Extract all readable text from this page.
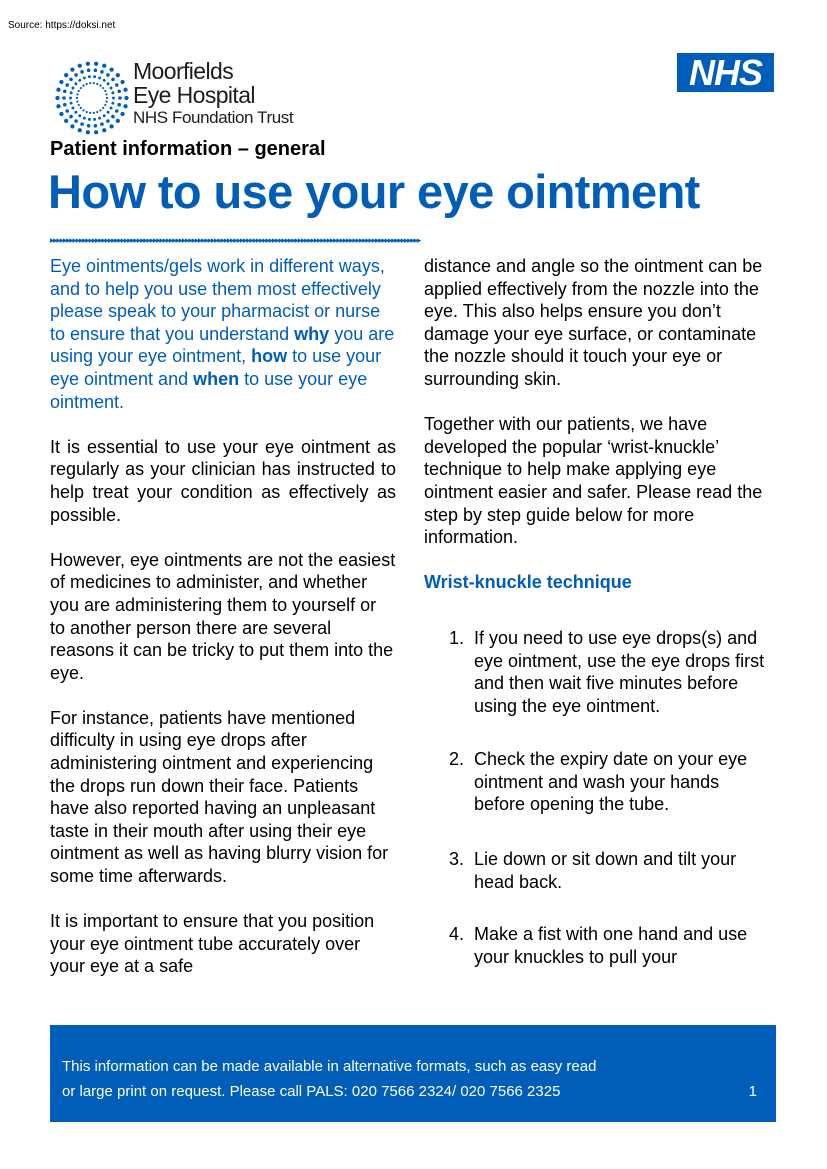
Source: https://doksi.net
Moorfields
Eye Hospital
NHS Foundation Trust
NHS
Patient information – general
How to use your eye ointment
▸▸▸▸▸▸▸▸▸▸▸▸▸▸▸▸▸▸▸▸▸▸▸▸▸▸▸▸▸▸▸▸▸▸▸▸▸▸▸▸▸▸▸▸▸▸▸▸▸▸▸▸▸▸▸▸▸▸▸▸▸▸▸▸▸▸▸▸▸▸▸▸▸▸▸▸▸▸▸▸▸▸▸▸▸▸▸▸▸▸▸▸▸▸▸▸▸▸▸▸▸▸▸▸▸▸▸▸▸▸▸▸▸▸▸

Eye ointments/gels work in different ways, and to help you use them most effectively please speak to your pharmacist or nurse to ensure that you understand why you are using your eye ointment, how to use your eye ointment and when to use your eye ointment.

It is essential to use your eye ointment as regularly as your clinician has instructed to help treat your condition as effectively as possible.

However, eye ointments are not the easiest of medicines to administer, and whether you are administering them to yourself or to another person there are several reasons it can be tricky to put them into the eye.

For instance, patients have mentioned difficulty in using eye drops after administering ointment and experiencing the drops run down their face. Patients have also reported having an unpleasant taste in their mouth after using their eye ointment as well as having blurry vision for some time afterwards.

It is important to ensure that you position your eye ointment tube accurately over your eye at a safe

distance and angle so the ointment can be applied effectively from the nozzle into the eye. This also helps ensure you don’t damage your eye surface, or contaminate the nozzle should it touch your eye or surrounding skin.

Together with our patients, we have developed the popular ‘wrist-knuckle’ technique to help make applying eye ointment easier and safer. Please read the step by step guide below for more information.

Wrist-knuckle technique

1. If you need to use eye drops(s) and eye ointment, use the eye drops first and then wait five minutes before using the eye ointment.
2. Check the expiry date on your eye ointment and wash your hands before opening the tube.
3. Lie down or sit down and tilt your head back.
4. Make a fist with one hand and use your knuckles to pull your

This information can be made available in alternative formats, such as easy read
or large print on request. Please call PALS: 020 7566 2324/ 020 7566 2325	1
